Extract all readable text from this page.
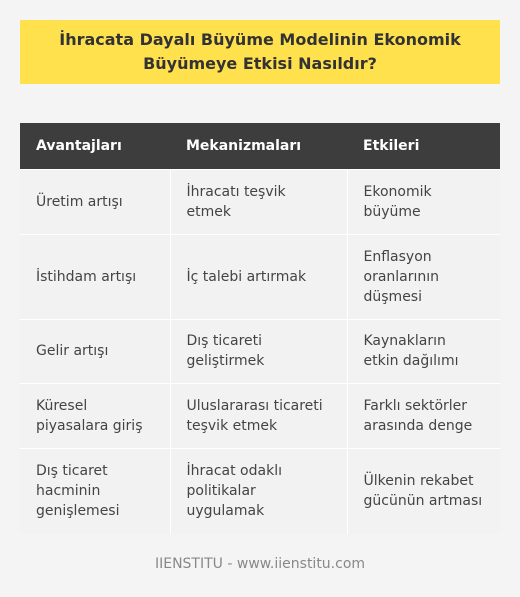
İhracata Dayalı Büyüme Modelinin Ekonomik Büyümeye Etkisi Nasıldır?
Avantajları	Mekanizmaları	Etkileri
Üretim artışı	İhracatı teşvik etmek	Ekonomik büyüme
İstihdam artışı	İç talebi artırmak	Enflasyon oranlarının düşmesi
Gelir artışı	Dış ticareti geliştirmek	Kaynakların etkin dağılımı
Küresel piyasalara giriş	Uluslararası ticareti teşvik etmek	Farklı sektörler arasında denge
Dış ticaret hacminin genişlemesi	İhracat odaklı politikalar uygulamak	Ülkenin rekabet gücünün artması
IIENSTITU - www.iienstitu.com
